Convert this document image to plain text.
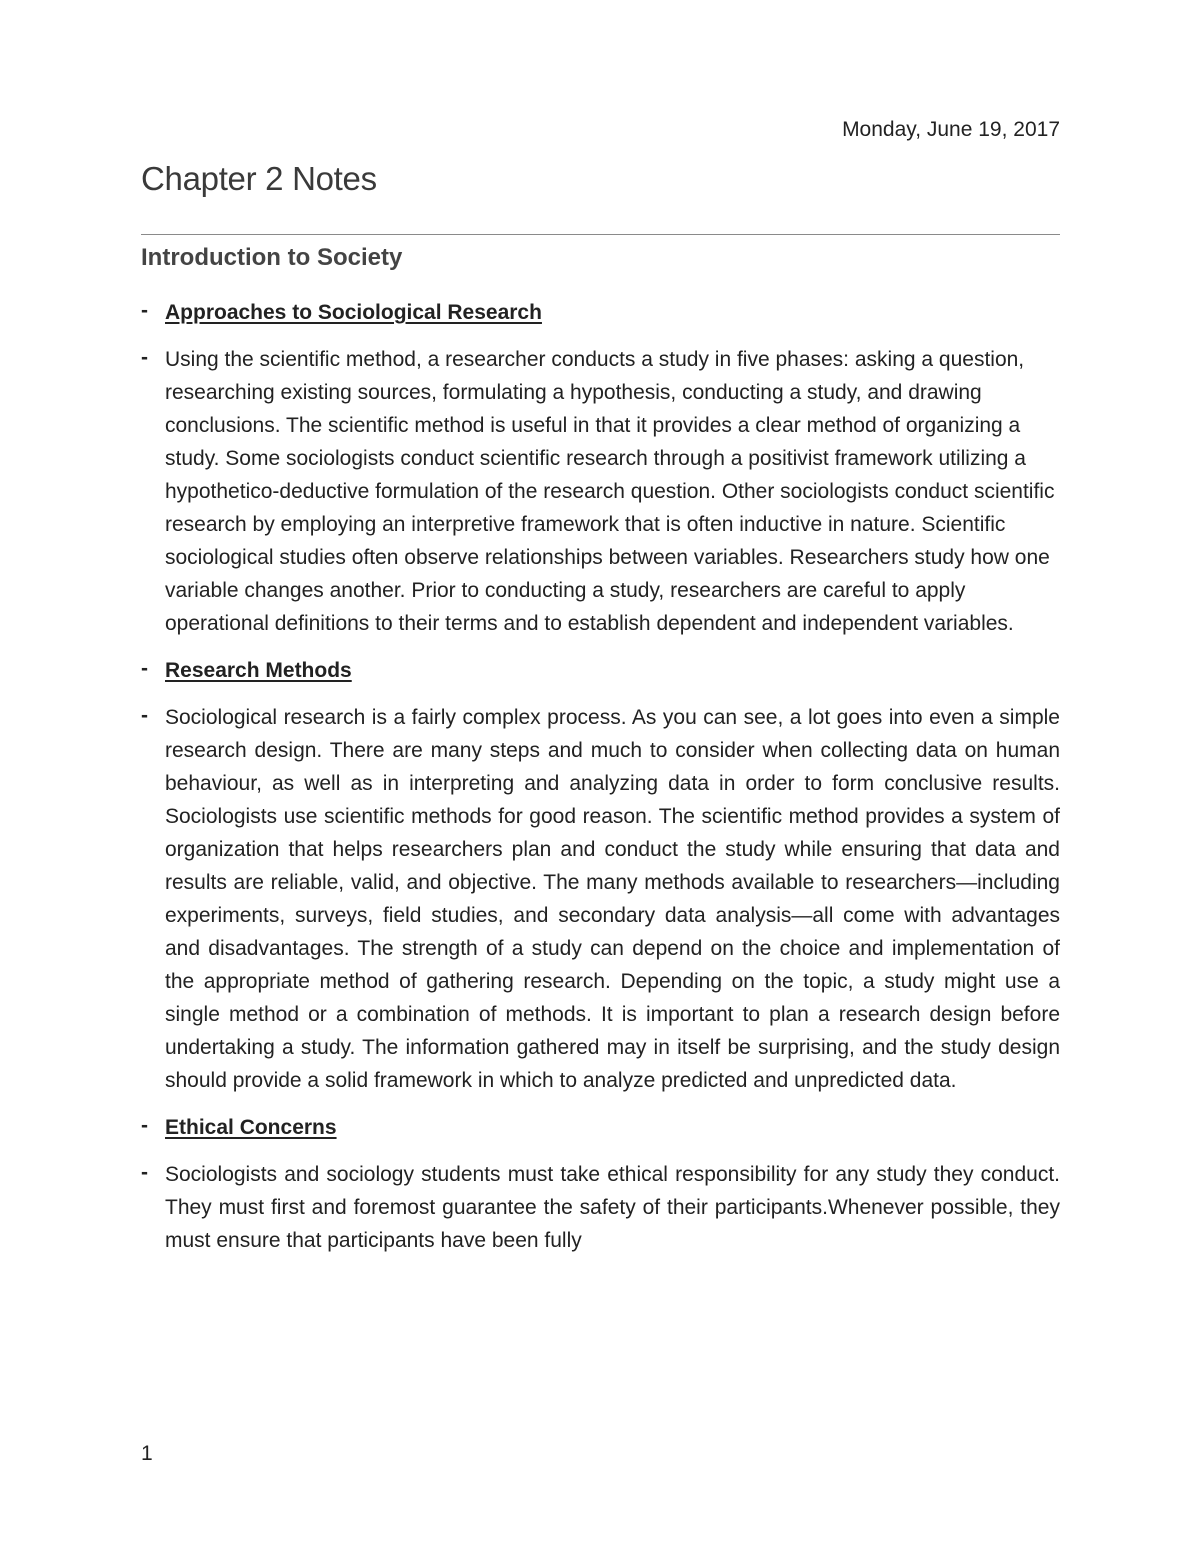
Monday, June 19, 2017
Chapter 2 Notes
Introduction to Society
- Approaches to Sociological Research
- Using the scientific method, a researcher conducts a study in five phases: asking a question, researching existing sources, formulating a hypothesis, conducting a study, and drawing conclusions. The scientific method is useful in that it provides a clear method of organizing a study. Some sociologists conduct scientific research through a positivist framework utilizing a hypothetico-deductive formulation of the research question. Other sociologists conduct scientific research by employing an interpretive framework that is often inductive in nature. Scientific sociological studies often observe relationships between variables. Researchers study how one variable changes another. Prior to conducting a study, researchers are careful to apply operational definitions to their terms and to establish dependent and independent variables.

- Research Methods
- Sociological research is a fairly complex process. As you can see, a lot goes into even a simple research design. There are many steps and much to consider when collecting data on human behaviour, as well as in interpreting and analyzing data in order to form conclusive results. Sociologists use scientific methods for good reason. The scientific method provides a system of organization that helps researchers plan and conduct the study while ensuring that data and results are reliable, valid, and objective. The many methods available to researchers—including experiments, surveys, field studies, and secondary data analysis—all come with advantages and disadvantages. The strength of a study can depend on the choice and implementation of the appropriate method of gathering research. Depending on the topic, a study might use a single method or a combination of methods. It is important to plan a research design before undertaking a study. The information gathered may in itself be surprising, and the study design should provide a solid framework in which to analyze predicted and unpredicted data.

- Ethical Concerns
- Sociologists and sociology students must take ethical responsibility for any study they conduct. They must first and foremost guarantee the safety of their participants.Whenever possible, they must ensure that participants have been fully

1
